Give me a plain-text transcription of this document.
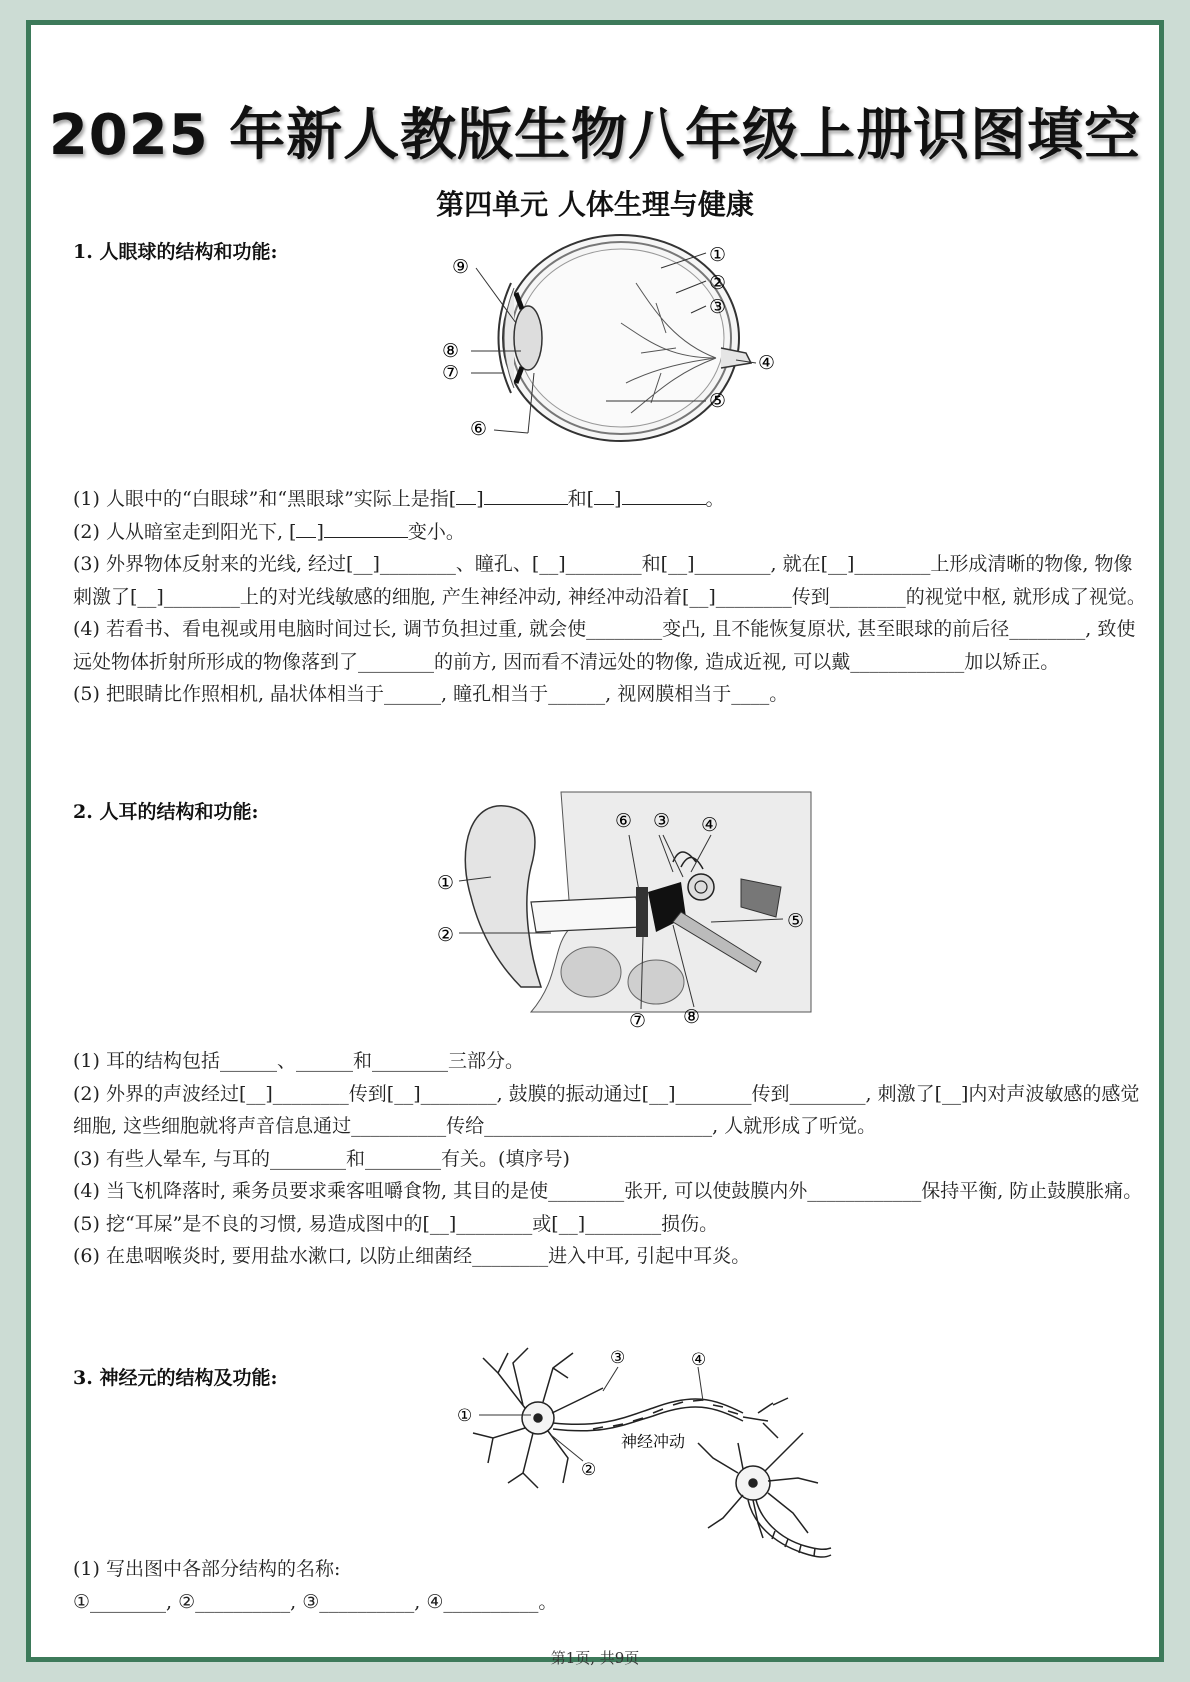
2025 年新人教版生物八年级上册识图填空
第四单元 人体生理与健康
1. 人眼球的结构和功能:
⑨
⑧
⑦
⑥
①
②
③
④
⑤

(1) 人眼中的“白眼球”和“黑眼球”实际上是指[ ]	和[ ]	。

(2) 人从暗室走到阳光下, [ ]	变小。

(3) 外界物体反射来的光线, 经过[__]________、瞳孔、[__]________和[__]________, 就在[__]________上形成清晰的物像, 物像刺激了[__]________上的对光线敏感的细胞, 产生神经冲动, 神经冲动沿着[__]________传到________的视觉中枢, 就形成了视觉。

(4) 若看书、看电视或用电脑时间过长, 调节负担过重, 就会使________变凸, 且不能恢复原状, 甚至眼球的前后径________, 致使远处物体折射所形成的物像落到了________的前方, 因而看不清远处的物像, 造成近视, 可以戴____________加以矫正。

(5) 把眼睛比作照相机, 晶状体相当于______, 瞳孔相当于______, 视网膜相当于____。

2. 人耳的结构和功能:
①
②
③ ④
⑤
⑥
⑦ ⑧

(1) 耳的结构包括______、______和________三部分。

(2) 外界的声波经过[__]________传到[__]________, 鼓膜的振动通过[__]________传到________, 刺激了[__]内对声波敏感的感觉细胞, 这些细胞就将声音信息通过__________传给________________________, 人就形成了听觉。

(3) 有些人晕车, 与耳的________和________有关。(填序号)

(4) 当飞机降落时, 乘务员要求乘客咀嚼食物, 其目的是使________张开, 可以使鼓膜内外____________保持平衡, 防止鼓膜胀痛。

(5) 挖“耳屎”是不良的习惯, 易造成图中的[__]________或[__]________损伤。

(6) 在患咽喉炎时, 要用盐水漱口, 以防止细菌经________进入中耳, 引起中耳炎。

3. 神经元的结构及功能:
①
②
③	④
神经冲动

(1) 写出图中各部分结构的名称:

①________, ②__________, ③__________, ④__________。

第1页, 共9页
